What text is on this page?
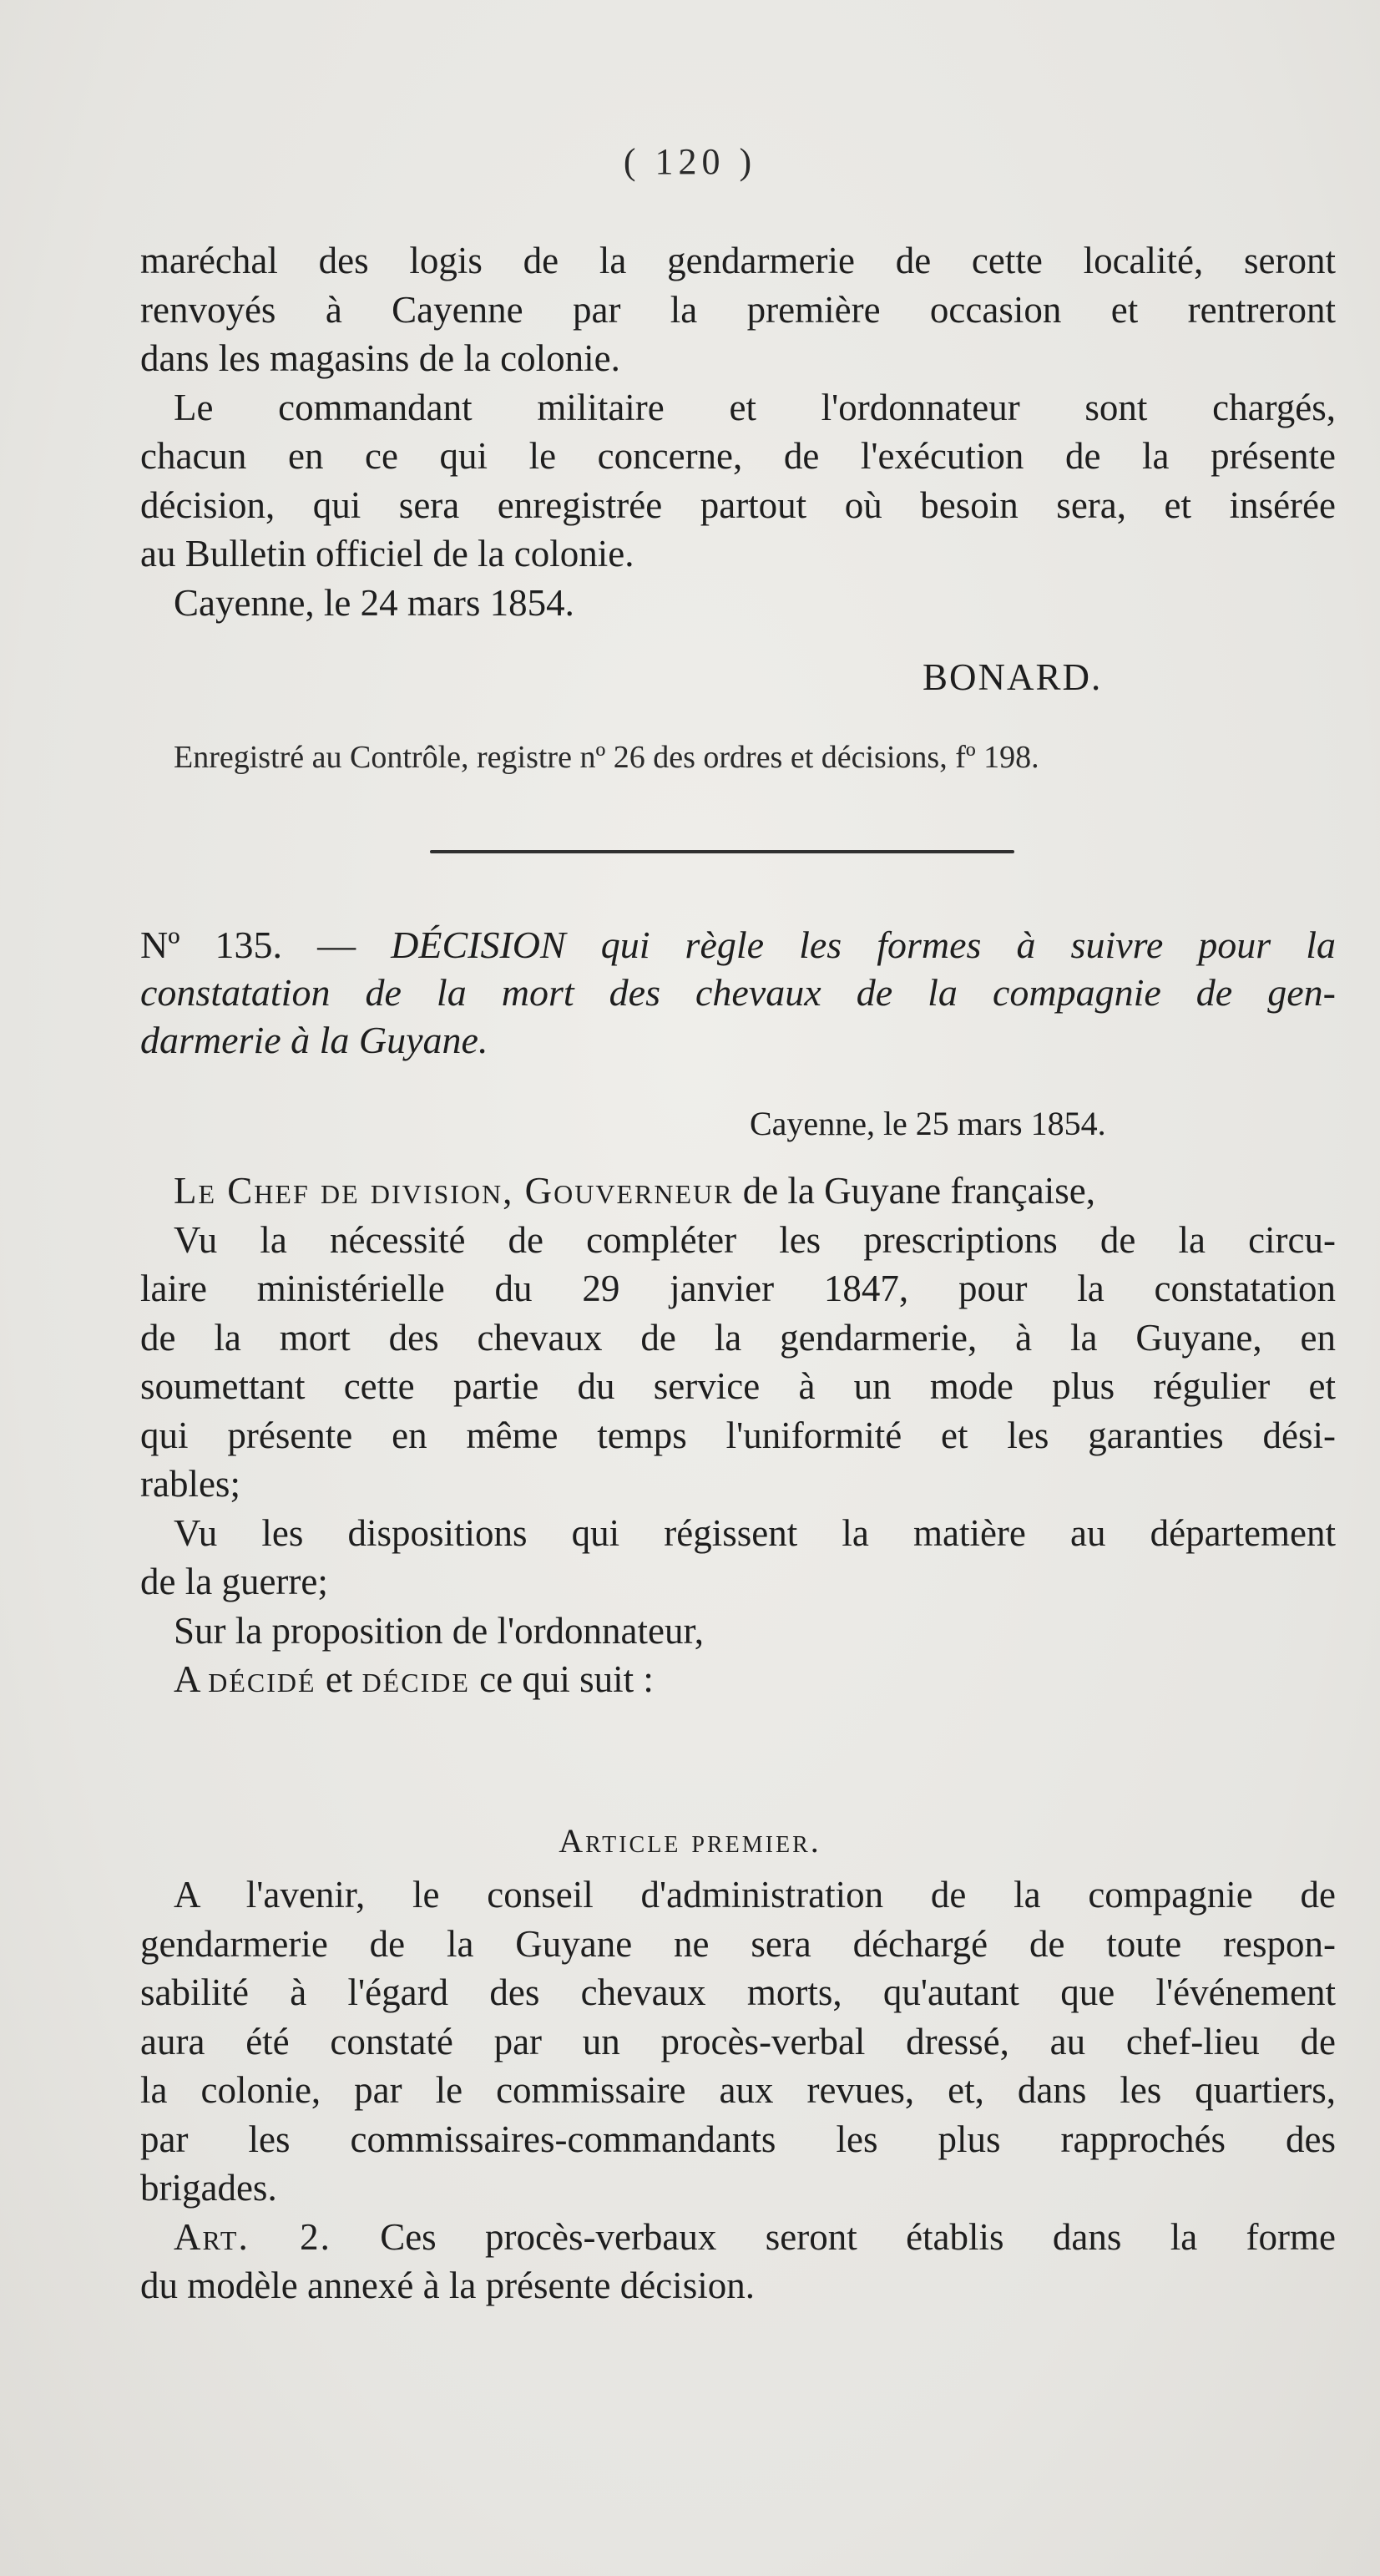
( 120 )
maréchal des logis de la gendarmerie de cette localité, seront
renvoyés à Cayenne par la première occasion et rentreront
dans les magasins de la colonie.
Le commandant militaire et l'ordonnateur sont chargés,
chacun en ce qui le concerne, de l'exécution de la présente
décision, qui sera enregistrée partout où besoin sera, et insérée
au Bulletin officiel de la colonie.
Cayenne, le 24 mars 1854.
BONARD.
Enregistré au Contrôle, registre nº 26 des ordres et décisions, fº 198.
Nº 135. — DÉCISION qui règle les formes à suivre pour la
constatation de la mort des chevaux de la compagnie de gen-
darmerie à la Guyane.
Cayenne, le 25 mars 1854.
Le Chef de division, Gouverneur de la Guyane française,
Vu la nécessité de compléter les prescriptions de la circu-
laire ministérielle du 29 janvier 1847, pour la constatation
de la mort des chevaux de la gendarmerie, à la Guyane, en
soumettant cette partie du service à un mode plus régulier et
qui présente en même temps l'uniformité et les garanties dési-
rables;
Vu les dispositions qui régissent la matière au département
de la guerre;
Sur la proposition de l'ordonnateur,
A décidé et décide ce qui suit :
Article premier.
A l'avenir, le conseil d'administration de la compagnie de
gendarmerie de la Guyane ne sera déchargé de toute respon-
sabilité à l'égard des chevaux morts, qu'autant que l'événement
aura été constaté par un procès-verbal dressé, au chef-lieu de
la colonie, par le commissaire aux revues, et, dans les quartiers,
par les commissaires-commandants les plus rapprochés des
brigades.
Art. 2. Ces procès-verbaux seront établis dans la forme
du modèle annexé à la présente décision.
